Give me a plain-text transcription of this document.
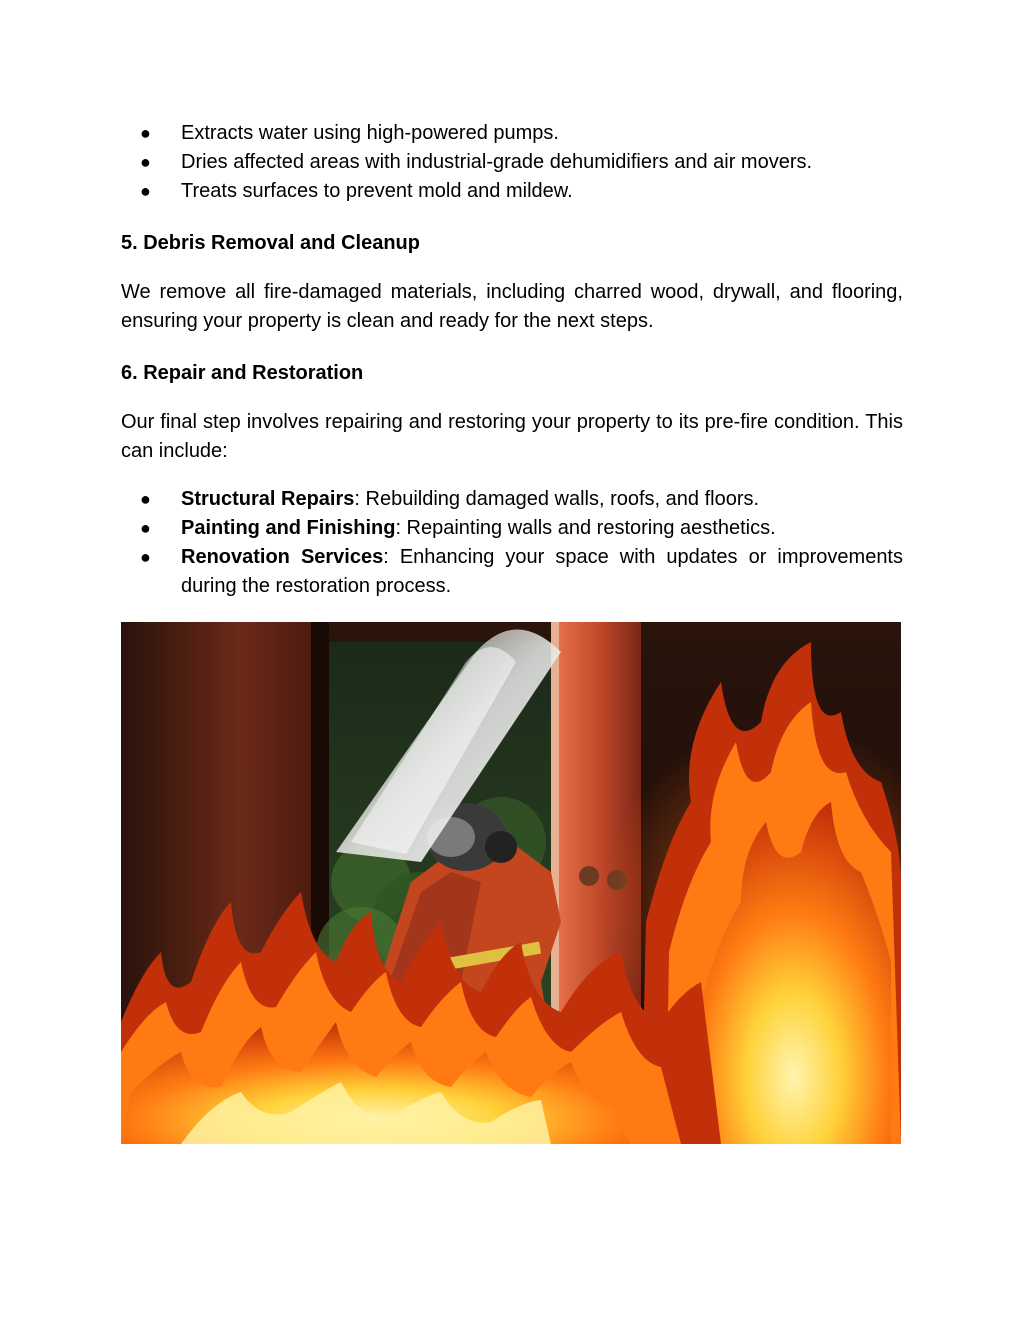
● Extracts water using high-powered pumps.
● Dries affected areas with industrial-grade dehumidifiers and air movers.
● Treats surfaces to prevent mold and mildew.
5. Debris Removal and Cleanup

We remove all fire-damaged materials, including charred wood, drywall, and flooring, ensuring your property is clean and ready for the next steps.

6. Repair and Restoration

Our final step involves repairing and restoring your property to its pre-fire condition. This can include:

● Structural Repairs: Rebuilding damaged walls, roofs, and floors.
● Painting and Finishing: Repainting walls and restoring aesthetics.
● Renovation Services: Enhancing your space with updates or improvements during the restoration process.
